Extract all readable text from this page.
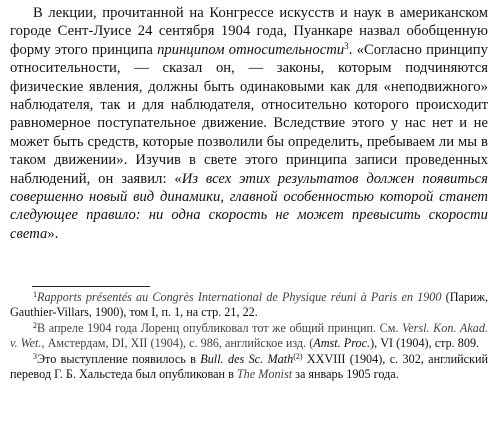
В лекции, прочитанной на Конгрессе искусств и наук в американском городе Сент-Луисе 24 сентября 1904 года, Пуанкаре назвал обобщенную форму этого принципа принципом относительности$^3$. «Согласно принципу относительности, — сказал он, — законы, которым подчиняются физические явления, должны быть одинаковыми как для «неподвижного» наблюдателя, так и для наблюдателя, относительно которого происходит равномерное поступательное движение. Вследствие этого у нас нет и не может быть средств, которые позволили бы определить, пребываем ли мы в таком движении». Изучив в свете этого принципа записи проведенных наблюдений, он заявил: «Из всех этих результатов должен появиться совершенно новый вид динамики, главной особенностью которой станет следующее правило: ни одна скорость не может превысить скорости света».

$^1$Rapports présentés au Congrès International de Physique réuni à Paris en 1900 (Париж, Gauthier-Villars, 1900), том I, п. 1, на стр. 21, 22.

$^2$В апреле 1904 года Лоренц опубликовал тот же общий принцип. См. Versl. Kon. Akad. v. Wet., Амстердам, DI, XII (1904), с. 986, английское изд. (Amst. Proc.), VI (1904), стр. 809.

$^3$Это выступление появилось в Bull. des Sc. Math$^{(2)}$ XXVIII (1904), с. 302, английский перевод Г. Б. Хальстеда был опубликован в The Monist за январь 1905 года.
